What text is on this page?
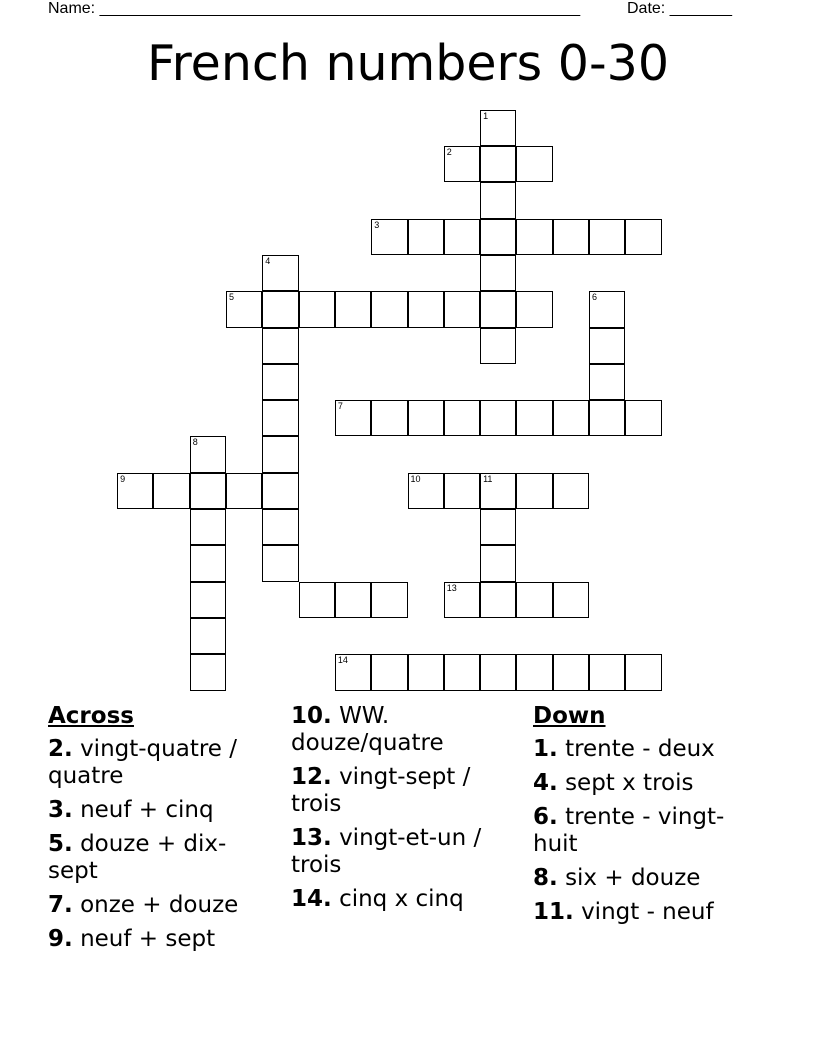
Name: ______________________________________________________	Date: _______
French numbers 0-30
3
1
2
5
4
6
7
9
8
10	11
13
14
Across
2. vingt-quatre / quatre
3. neuf + cinq
5. douze + dix-sept
7. onze + douze
9. neuf + sept
10. WW. douze/quatre
12. vingt-sept / trois
13. vingt-et-un / trois
14. cinq x cinq
Down
1. trente - deux
4. sept x trois
6. trente - vingt-huit
8. six + douze
11. vingt - neuf
